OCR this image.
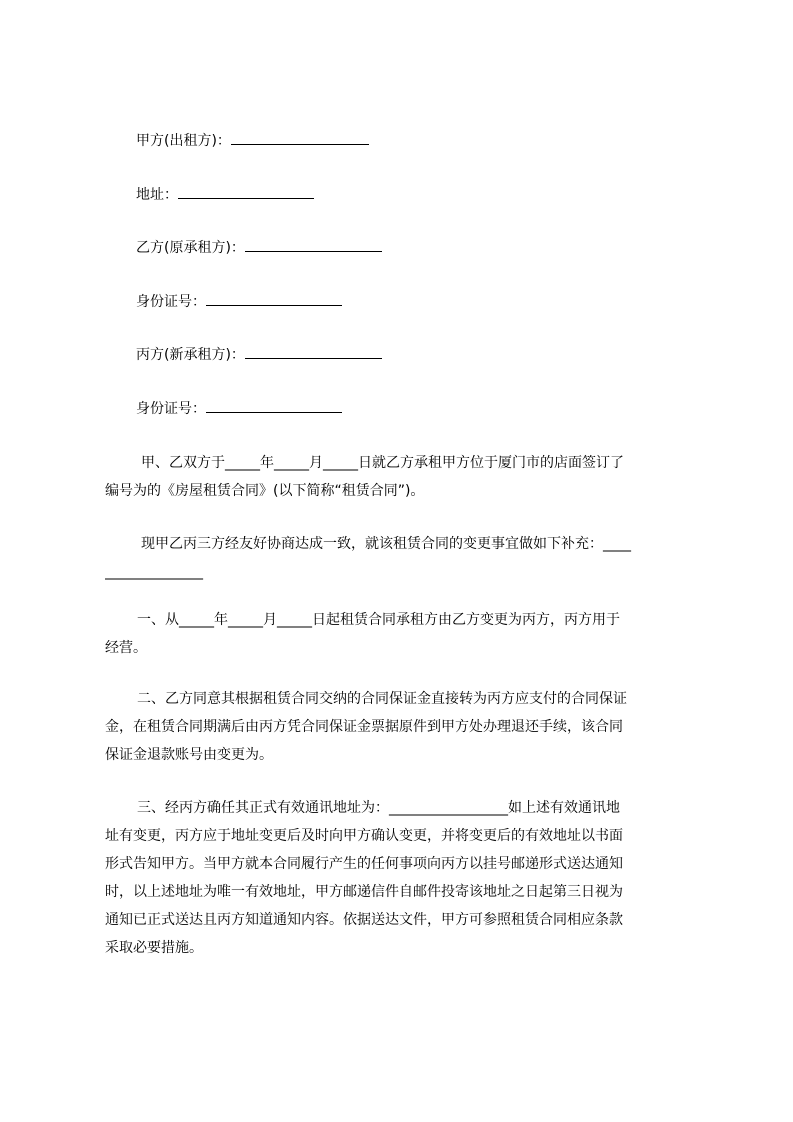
甲方(出租方)：
地址：
乙方(原承租方)：
身份证号：
丙方(新承租方)：
身份证号：
甲、乙双方于_____年_____月_____日就乙方承租甲方位于厦门市的店面签订了
编号为的《房屋租赁合同》(以下简称“租赁合同”)。
现甲乙丙三方经友好协商达成一致，就该租赁合同的变更事宜做如下补充：____
______________
一、从_____年_____月_____日起租赁合同承租方由乙方变更为丙方，丙方用于
经营。
二、乙方同意其根据租赁合同交纳的合同保证金直接转为丙方应支付的合同保证
金，在租赁合同期满后由丙方凭合同保证金票据原件到甲方处办理退还手续，该合同
保证金退款账号由变更为。
三、经丙方确任其正式有效通讯地址为：_________________如上述有效通讯地
址有变更，丙方应于地址变更后及时向甲方确认变更，并将变更后的有效地址以书面
形式告知甲方。当甲方就本合同履行产生的任何事项向丙方以挂号邮递形式送达通知
时，以上述地址为唯一有效地址，甲方邮递信件自邮件投寄该地址之日起第三日视为
通知已正式送达且丙方知道通知内容。依据送达文件，甲方可参照租赁合同相应条款
采取必要措施。
